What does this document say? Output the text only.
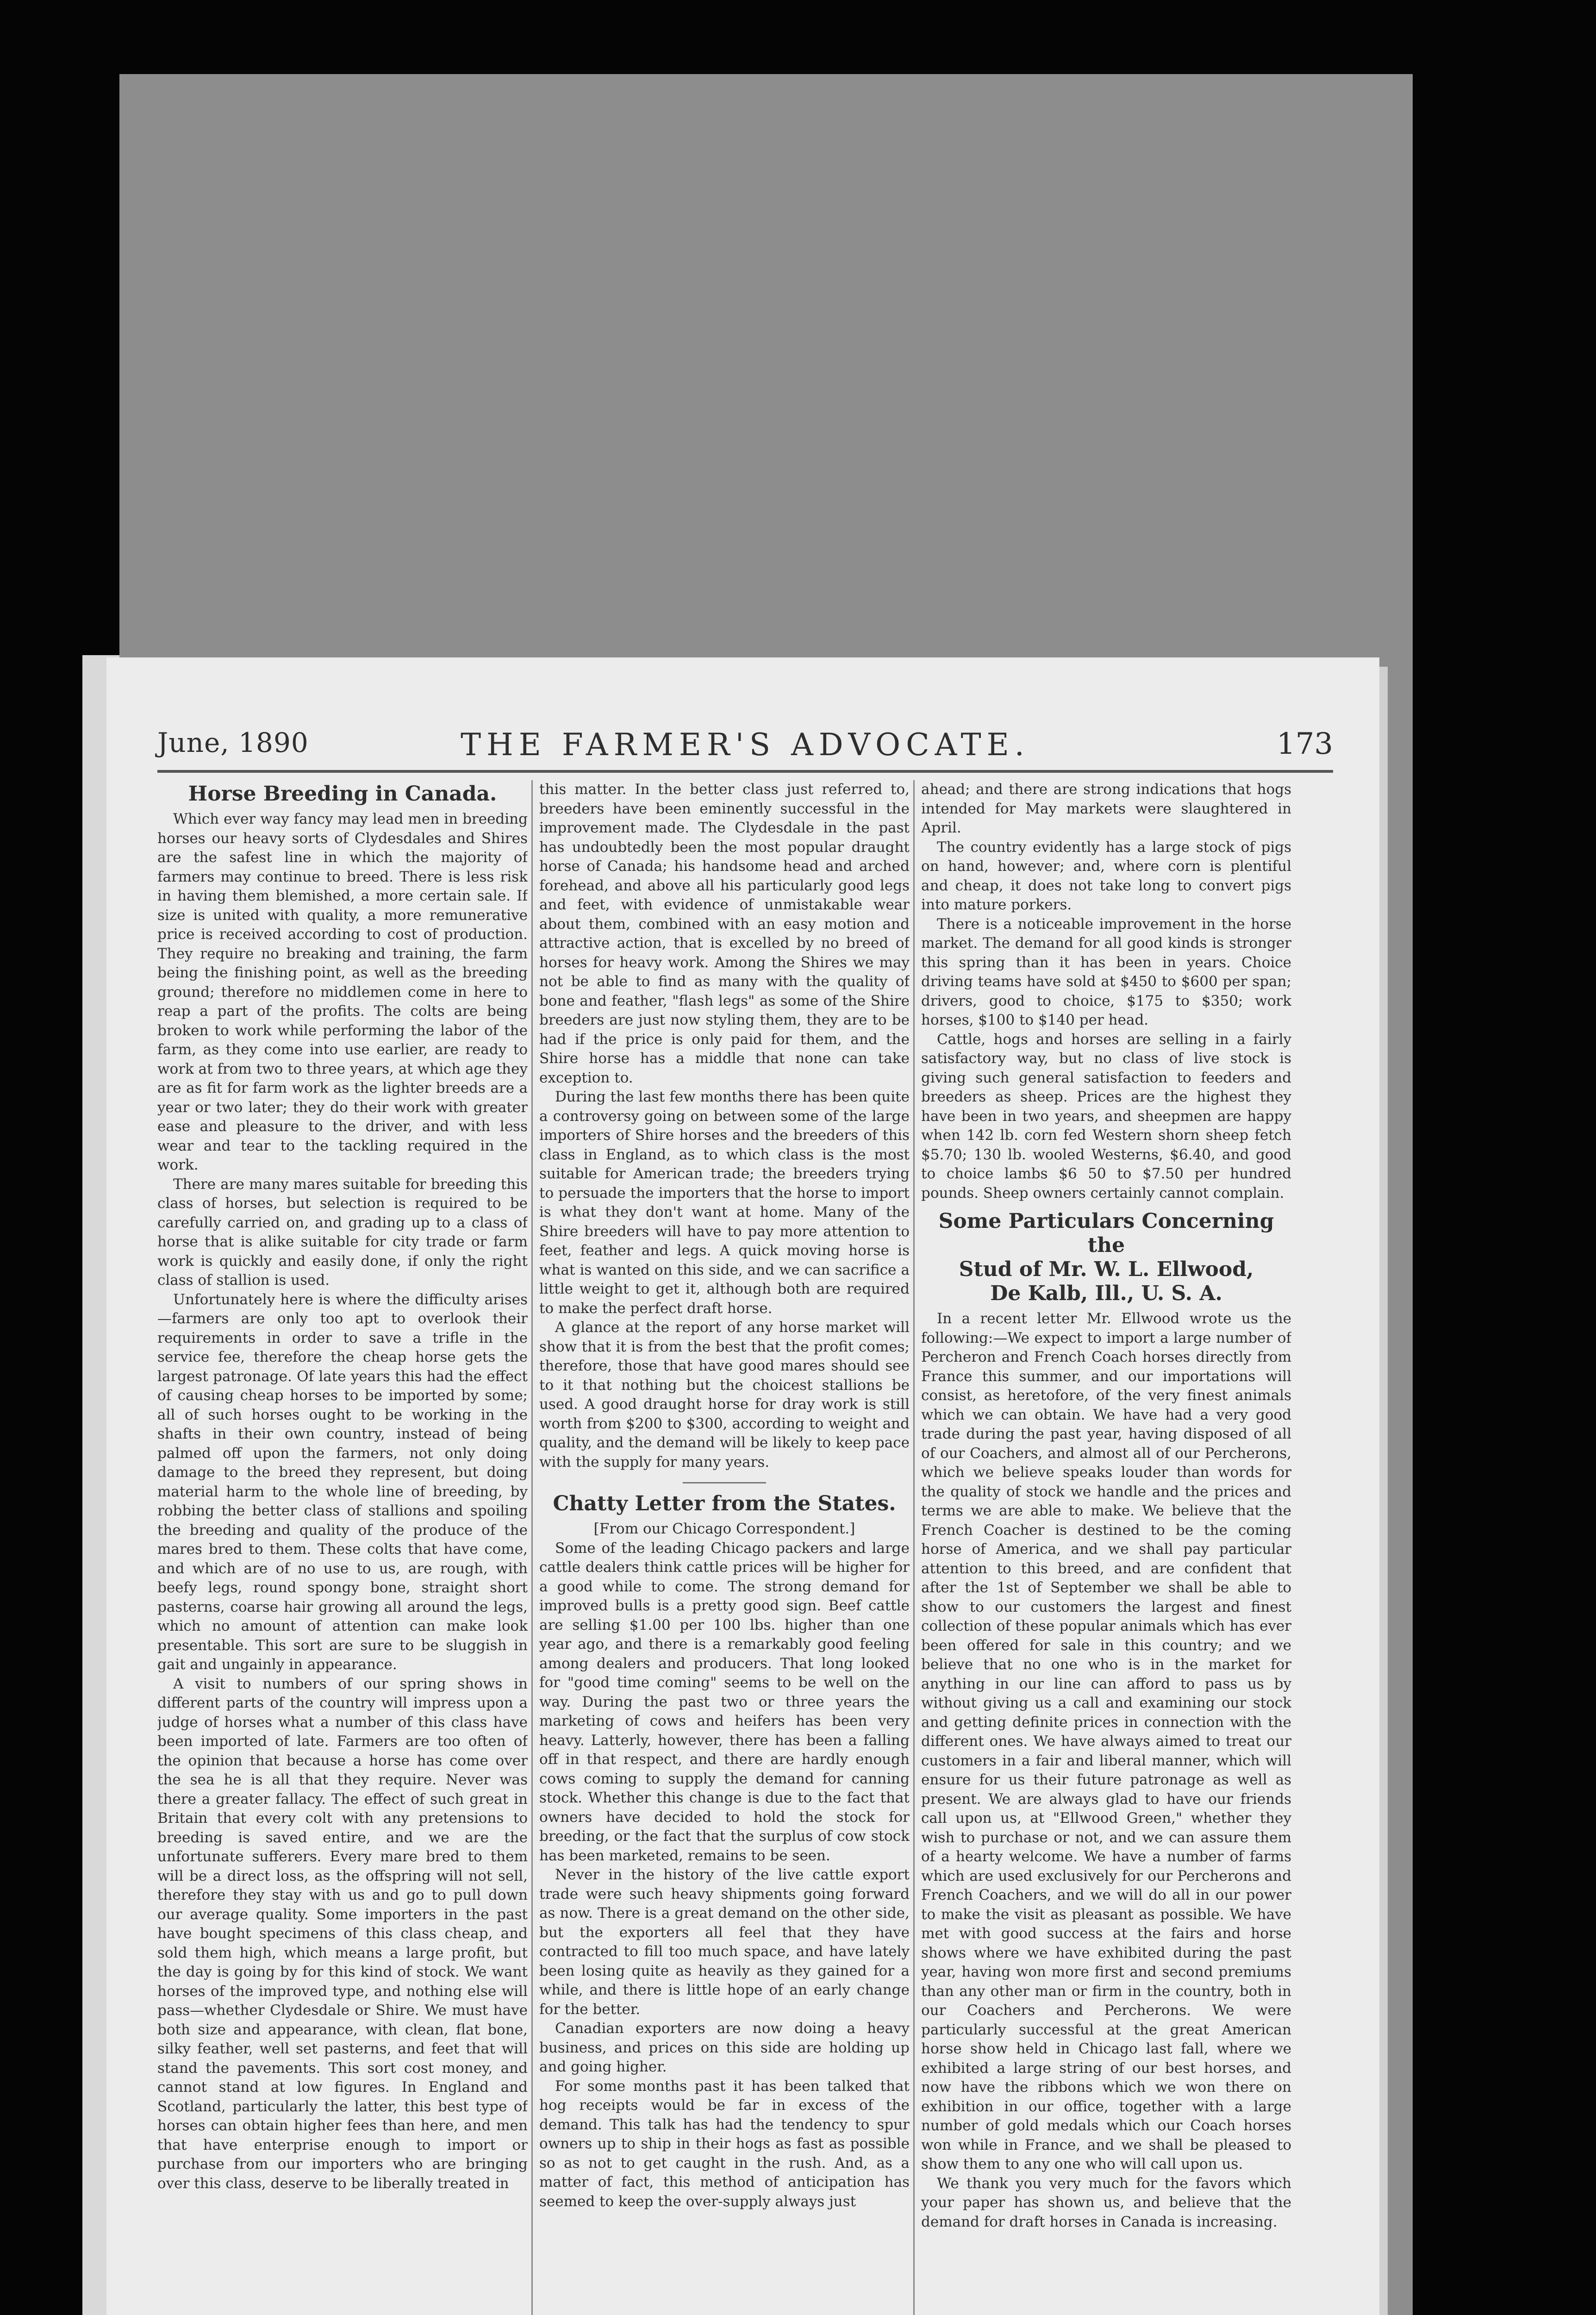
June, 1890	THE FARMER'S ADVOCATE.	173
Horse Breeding in Canada.

Which ever way fancy may lead men in breeding horses our heavy sorts of Clydesdales and Shires are the safest line in which the majority of farmers may continue to breed. There is less risk in having them blemished, a more certain sale. If size is united with quality, a more remunerative price is received according to cost of production. They require no breaking and training, the farm being the finishing point, as well as the breeding ground; therefore no middlemen come in here to reap a part of the profits. The colts are being broken to work while performing the labor of the farm, as they come into use earlier, are ready to work at from two to three years, at which age they are as fit for farm work as the lighter breeds are a year or two later; they do their work with greater ease and pleasure to the driver, and with less wear and tear to the tackling required in the work.

There are many mares suitable for breeding this class of horses, but selection is required to be carefully carried on, and grading up to a class of horse that is alike suitable for city trade or farm work is quickly and easily done, if only the right class of stallion is used.

Unfortunately here is where the difficulty arises—farmers are only too apt to overlook their requirements in order to save a trifle in the service fee, therefore the cheap horse gets the largest patronage. Of late years this had the effect of causing cheap horses to be imported by some; all of such horses ought to be working in the shafts in their own country, instead of being palmed off upon the farmers, not only doing damage to the breed they represent, but doing material harm to the whole line of breeding, by robbing the better class of stallions and spoiling the breeding and quality of the produce of the mares bred to them. These colts that have come, and which are of no use to us, are rough, with beefy legs, round spongy bone, straight short pasterns, coarse hair growing all around the legs, which no amount of attention can make look presentable. This sort are sure to be sluggish in gait and ungainly in appearance.

A visit to numbers of our spring shows in different parts of the country will impress upon a judge of horses what a number of this class have been imported of late. Farmers are too often of the opinion that because a horse has come over the sea he is all that they require. Never was there a greater fallacy. The effect of such great in Britain that every colt with any pretensions to breeding is saved entire, and we are the unfortunate sufferers. Every mare bred to them will be a direct loss, as the offspring will not sell, therefore they stay with us and go to pull down our average quality. Some importers in the past have bought specimens of this class cheap, and sold them high, which means a large profit, but the day is going by for this kind of stock. We want horses of the improved type, and nothing else will pass—whether Clydesdale or Shire. We must have both size and appearance, with clean, flat bone, silky feather, well set pasterns, and feet that will stand the pavements. This sort cost money, and cannot stand at low figures. In England and Scotland, particularly the latter, this best type of horses can obtain higher fees than here, and men that have enterprise enough to import or purchase from our importers who are bringing over this class, deserve to be liberally treated in

this matter. In the better class just referred to, breeders have been eminently successful in the improvement made. The Clydesdale in the past has undoubtedly been the most popular draught horse of Canada; his handsome head and arched forehead, and above all his particularly good legs and feet, with evidence of unmistakable wear about them, combined with an easy motion and attractive action, that is excelled by no breed of horses for heavy work. Among the Shires we may not be able to find as many with the quality of bone and feather, "flash legs" as some of the Shire breeders are just now styling them, they are to be had if the price is only paid for them, and the Shire horse has a middle that none can take exception to.

During the last few months there has been quite a controversy going on between some of the large importers of Shire horses and the breeders of this class in England, as to which class is the most suitable for American trade; the breeders trying to persuade the importers that the horse to import is what they don't want at home. Many of the Shire breeders will have to pay more attention to feet, feather and legs. A quick moving horse is what is wanted on this side, and we can sacrifice a little weight to get it, although both are required to make the perfect draft horse.

A glance at the report of any horse market will show that it is from the best that the profit comes; therefore, those that have good mares should see to it that nothing but the choicest stallions be used. A good draught horse for dray work is still worth from $200 to $300, according to weight and quality, and the demand will be likely to keep pace with the supply for many years.

Chatty Letter from the States.

[From our Chicago Correspondent.]

Some of the leading Chicago packers and large cattle dealers think cattle prices will be higher for a good while to come. The strong demand for improved bulls is a pretty good sign. Beef cattle are selling $1.00 per 100 lbs. higher than one year ago, and there is a remarkably good feeling among dealers and producers. That long looked for "good time coming" seems to be well on the way. During the past two or three years the marketing of cows and heifers has been very heavy. Latterly, however, there has been a falling off in that respect, and there are hardly enough cows coming to supply the demand for canning stock. Whether this change is due to the fact that owners have decided to hold the stock for breeding, or the fact that the surplus of cow stock has been marketed, remains to be seen.

Never in the history of the live cattle export trade were such heavy shipments going forward as now. There is a great demand on the other side, but the exporters all feel that they have contracted to fill too much space, and have lately been losing quite as heavily as they gained for a while, and there is little hope of an early change for the better.

Canadian exporters are now doing a heavy business, and prices on this side are holding up and going higher.

For some months past it has been talked that hog receipts would be far in excess of the demand. This talk has had the tendency to spur owners up to ship in their hogs as fast as possible so as not to get caught in the rush. And, as a matter of fact, this method of anticipation has seemed to keep the over-supply always just

ahead; and there are strong indications that hogs intended for May markets were slaughtered in April.

The country evidently has a large stock of pigs on hand, however; and, where corn is plentiful and cheap, it does not take long to convert pigs into mature porkers.

There is a noticeable improvement in the horse market. The demand for all good kinds is stronger this spring than it has been in years. Choice driving teams have sold at $450 to $600 per span; drivers, good to choice, $175 to $350; work horses, $100 to $140 per head.

Cattle, hogs and horses are selling in a fairly satisfactory way, but no class of live stock is giving such general satisfaction to feeders and breeders as sheep. Prices are the highest they have been in two years, and sheepmen are happy when 142 lb. corn fed Western shorn sheep fetch $5.70; 130 lb. wooled Westerns, $6.40, and good to choice lambs $6 50 to $7.50 per hundred pounds. Sheep owners certainly cannot complain.

Some Particulars Concerning the
Stud of Mr. W. L. Ellwood,
De Kalb, Ill., U. S. A.

In a recent letter Mr. Ellwood wrote us the following:—We expect to import a large number of Percheron and French Coach horses directly from France this summer, and our importations will consist, as heretofore, of the very finest animals which we can obtain. We have had a very good trade during the past year, having disposed of all of our Coachers, and almost all of our Percherons, which we believe speaks louder than words for the quality of stock we handle and the prices and terms we are able to make. We believe that the French Coacher is destined to be the coming horse of America, and we shall pay particular attention to this breed, and are confident that after the 1st of September we shall be able to show to our customers the largest and finest collection of these popular animals which has ever been offered for sale in this country; and we believe that no one who is in the market for anything in our line can afford to pass us by without giving us a call and examining our stock and getting definite prices in connection with the different ones. We have always aimed to treat our customers in a fair and liberal manner, which will ensure for us their future patronage as well as present. We are always glad to have our friends call upon us, at "Ellwood Green," whether they wish to purchase or not, and we can assure them of a hearty welcome. We have a number of farms which are used exclusively for our Percherons and French Coachers, and we will do all in our power to make the visit as pleasant as possible. We have met with good success at the fairs and horse shows where we have exhibited during the past year, having won more first and second premiums than any other man or firm in the country, both in our Coachers and Percherons. We were particularly successful at the great American horse show held in Chicago last fall, where we exhibited a large string of our best horses, and now have the ribbons which we won there on exhibition in our office, together with a large number of gold medals which our Coach horses won while in France, and we shall be pleased to show them to any one who will call upon us.

We thank you very much for the favors which your paper has shown us, and believe that the demand for draft horses in Canada is increasing.
